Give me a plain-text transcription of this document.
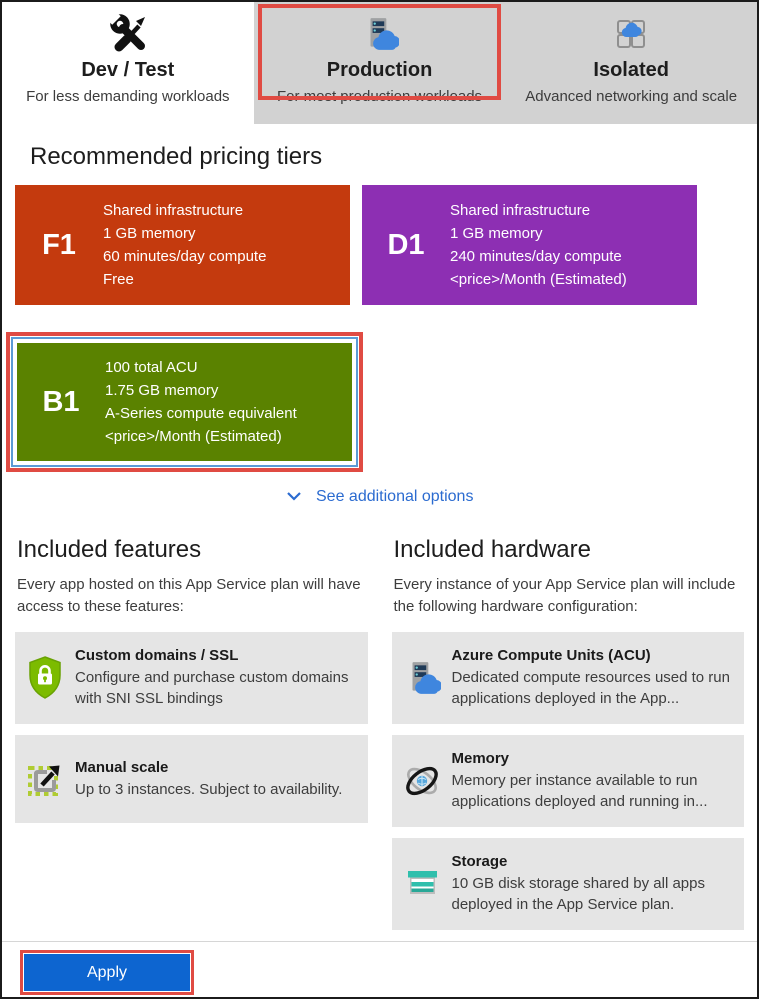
Dev / Test
For less demanding workloads
Production
For most production workloads
Isolated
Advanced networking and scale
Recommended pricing tiers
F1
Shared infrastructure
1 GB memory
60 minutes/day compute
Free
D1
Shared infrastructure
1 GB memory
240 minutes/day compute
<price>/Month (Estimated)
B1
100 total ACU
1.75 GB memory
A-Series compute equivalent
<price>/Month (Estimated)
See additional options
Included features

Every app hosted on this App Service plan will have access to these features:

Custom domains / SSL
Configure and purchase custom domains with SNI SSL bindings
Manual scale
Up to 3 instances. Subject to availability.
Included hardware

Every instance of your App Service plan will include the following hardware configuration:

Azure Compute Units (ACU)
Dedicated compute resources used to run applications deployed in the App...
Memory
Memory per instance available to run applications deployed and running in...
Storage
10 GB disk storage shared by all apps deployed in the App Service plan.
Apply
